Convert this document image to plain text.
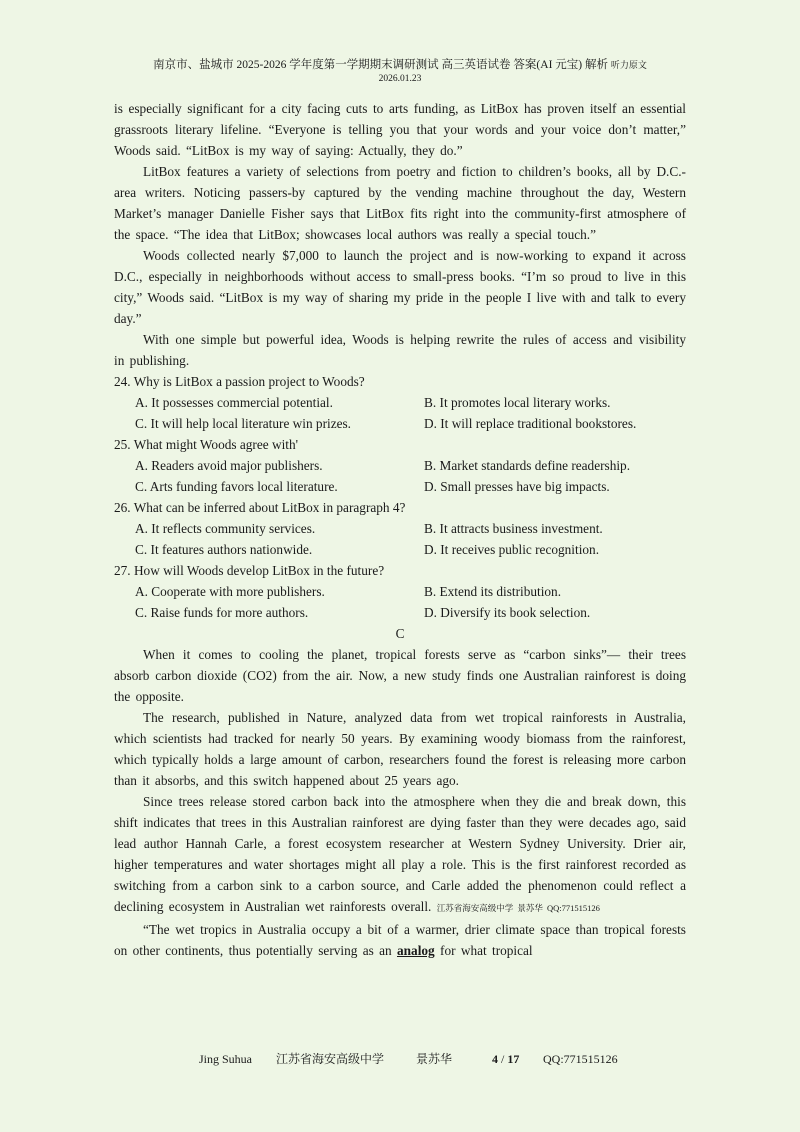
南京市、盐城市 2025-2026 学年度第一学期期末调研测试 高三英语试卷 答案(AI 元宝) 解析 听力原文
2026.01.23

is especially significant for a city facing cuts to arts funding, as LitBox has proven itself an essential grassroots literary lifeline. “Everyone is telling you that your words and your voice don’t matter,” Woods said. “LitBox is my way of saying: Actually, they do.”

LitBox features a variety of selections from poetry and fiction to children’s books, all by D.C.-area writers. Noticing passers-by captured by the vending machine throughout the day, Western Market’s manager Danielle Fisher says that LitBox fits right into the community-first atmosphere of the space. “The idea that LitBox; showcases local authors was really a special touch.”

Woods collected nearly $7,000 to launch the project and is now-working to expand it across D.C., especially in neighborhoods without access to small-press books. “I’m so proud to live in this city,” Woods said. “LitBox is my way of sharing my pride in the people I live with and talk to every day.”

With one simple but powerful idea, Woods is helping rewrite the rules of access and visibility in publishing.

24. Why is LitBox a passion project to Woods?
A. It possesses commercial potential.	B. It promotes local literary works.
C. It will help local literature win prizes.	D. It will replace traditional bookstores.
25. What might Woods agree with'
A. Readers avoid major publishers.	B. Market standards define readership.
C. Arts funding favors local literature.	D. Small presses have big impacts.
26. What can be inferred about LitBox in paragraph 4?
A. It reflects community services.	B. It attracts business investment.
C. It features authors nationwide.	D. It receives public recognition.
27. How will Woods develop LitBox in the future?
A. Cooperate with more publishers.	B. Extend its distribution.
C. Raise funds for more authors.	D. Diversify its book selection.
C

When it comes to cooling the planet, tropical forests serve as “carbon sinks”— their trees absorb carbon dioxide (CO2) from the air. Now, a new study finds one Australian rainforest is doing the opposite.

The research, published in Nature, analyzed data from wet tropical rainforests in Australia, which scientists had tracked for nearly 50 years. By examining woody biomass from the rainforest, which typically holds a large amount of carbon, researchers found the forest is releasing more carbon than it absorbs, and this switch happened about 25 years ago.

Since trees release stored carbon back into the atmosphere when they die and break down, this shift indicates that trees in this Australian rainforest are dying faster than they were decades ago, said lead author Hannah Carle, a forest ecosystem researcher at Western Sydney University. Drier air, higher temperatures and water shortages might all play a role. This is the first rainforest recorded as switching from a carbon sink to a carbon source, and Carle added the phenomenon could reflect a declining ecosystem in Australian wet rainforests overall. 江苏省海安高级中学 景苏华 QQ:771515126

“The wet tropics in Australia occupy a bit of a warmer, drier climate space than tropical forests on other continents, thus potentially serving as an analog for what tropical

Jing Suhua 江苏省海安高级中学	景苏华	4 / 17 QQ:771515126
